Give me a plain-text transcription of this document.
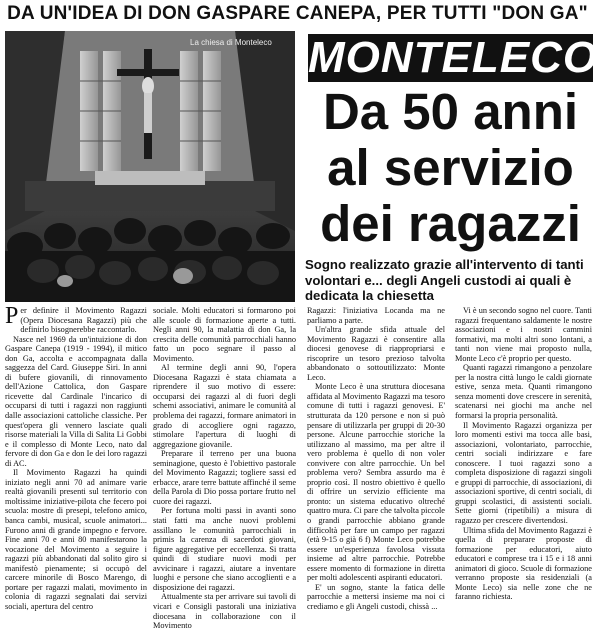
DA UN'IDEA DI DON GASPARE CANEPA, PER TUTTI "DON GA"
La chiesa di Monteleco MONTELECO
Da 50 anni
al servizio
dei ragazzi
Sogno realizzato grazie all'intervento di tanti volontari e... degli Angeli custodi ai quali è dedicata la chiesetta

Per definire il Movimento Ragazzi (Opera Diocesana Ragazzi) più che definirlo bisognerebbe raccontarlo.

Nasce nel 1969 da un'intuizione di don Gaspare Canepa (1919 - 1994), il mitico don Ga, accolta e accompagnata dalla saggezza del Card. Giuseppe Siri. In anni di bufere giovanili, di rinnovamento dell'Azione Cattolica, don Gaspare ricevette dal Cardinale l'incarico di occuparsi di tutti i ragazzi non raggiunti dalle associazioni cattoliche classiche. Per quest'opera gli vennero lasciate quali risorse materiali la Villa di Salita Li Gobbi e il complesso di Monte Leco, nato dal fervore di don Ga e don Ie dei loro ragazzi di AC.

Il Movimento Ragazzi ha quindi iniziato negli anni 70 ad animare varie realtà giovanili presenti sul territorio con moltissime iniziative-pilota che fecero poi scuola: mostre di presepi, telefono amico, banca cambi, musical, scuole animatori... Furono anni di grande impegno e fervore. Fine anni 70 e anni 80 manifestarono la vocazione del Movimento a seguire i ragazzi più abbandonati dal solito giro si manifestò pienamente; si occupò del carcere minorile di Bosco Marengo, di portare per ragazzi malati, movimento in colonia di ragazzi segnalati dai servizi sociali, apertura del centro

sociale. Molti educatori si formarono poi alle scuole di formazione aperte a tutti. Negli anni 90, la malattia di don Ga, la crescita delle comunità parrocchiali hanno fatto un poco segnare il passo al Movimento.

Al termine degli anni 90, l'opera Diocesana Ragazzi è stata chiamata a riprendere il suo motivo di essere: occuparsi dei ragazzi al di fuori degli schemi associativi, animare le comunità al problema dei ragazzi, formare animatori in grado di accogliere ogni ragazzo, stimolare l'apertura di luoghi di aggregazione giovanile.

Preparare il terreno per una buona seminagione, questo è l'obiettivo pastorale del Movimento Ragazzi; togliere sassi ed erbacce, arare terre battute affinché il seme della Parola di Dio possa portare frutto nel cuore dei ragazzi.

Per fortuna molti passi in avanti sono stati fatti ma anche nuovi problemi assillano le comunità parrocchiali in primis la carenza di sacerdoti giovani, figure aggregative per eccellenza. Si tratta quindi di studiare nuovi modi per avvicinare i ragazzi, aiutare a inventare luoghi e persone che siano accoglienti e a disposizione dei ragazzi.

Attualmente sta per arrivare sui tavoli di vicari e Consigli pastorali una iniziativa diocesana in collaborazione con il Movimento

Ragazzi: l'iniziativa Locanda ma ne parliamo a parte.

Un'altra grande sfida attuale del Movimento Ragazzi è consentire alla diocesi genovese di riappropriarsi e riscoprire un tesoro prezioso talvolta abbandonato o sottoutilizzato: Monte Leco.

Monte Leco è una struttura diocesana affidata al Movimento Ragazzi ma tesoro comune di tutti i ragazzi genovesi. E' strutturata da 120 persone e non si può pensare di utilizzarla per gruppi di 20-30 persone. Alcune parrocchie storiche la utilizzano al massimo, ma per altre il vero problema è quello di non voler convivere con altre parrocchie. Un bel problema vero? Sembra assurdo ma è proprio così. Il nostro obiettivo è quello di offrire un servizio efficiente ma pronto: un sistema educativo oltreché quattro mura. Ci pare che talvolta piccole o grandi parrocchie abbiano grande difficoltà per fare un campo per ragazzi (età 9-15 o già 6 f) Monte Leco potrebbe essere un'esperienza favolosa vissuta insieme ad altre parrocchie. Potrebbe essere momento di formazione in diretta per molti adolescenti aspiranti educatori.

E' un sogno, stante la fatica delle parrocchie a mettersi insieme ma noi ci crediamo e gli Angeli custodi, chissà ...

Vi è un secondo sogno nel cuore. Tanti ragazzi frequentano saldamente le nostre associazioni e i nostri cammini formativi, ma molti altri sono lontani, a tanti non viene mai proposto nulla, Monte Leco c'è proprio per questo.

Quanti ragazzi rimangono a penzolare per la nostra città lungo le caldi giornate estive, senza meta. Quanti rimangono senza momenti dove crescere in serenità, scatenarsi nei giochi ma anche nel formarsi la propria personalità.

Il Movimento Ragazzi organizza per loro momenti estivi ma tocca alle basi, associazioni, volontariato, parrocchie, centri sociali indirizzare e fare conoscere. I tuoi ragazzi sono a completa disposizione di ragazzi singoli e gruppi di parrocchie, di associazioni, di associazioni sportive, di centri sociali, di gruppi scolastici, di assistenti sociali. Sette giorni (ripetibili) a misura di ragazzo per crescere divertendosi.

Ultima sfida del Movimento Ragazzi è quella di preparare proposte di formazione per educatori, aiuto educatori e comprese tra i 15 e i 18 anni animatori di gioco. Scuole di formazione verranno proposte sia residenziali (a Monte Leco) sia nelle zone che ne faranno richiesta.
